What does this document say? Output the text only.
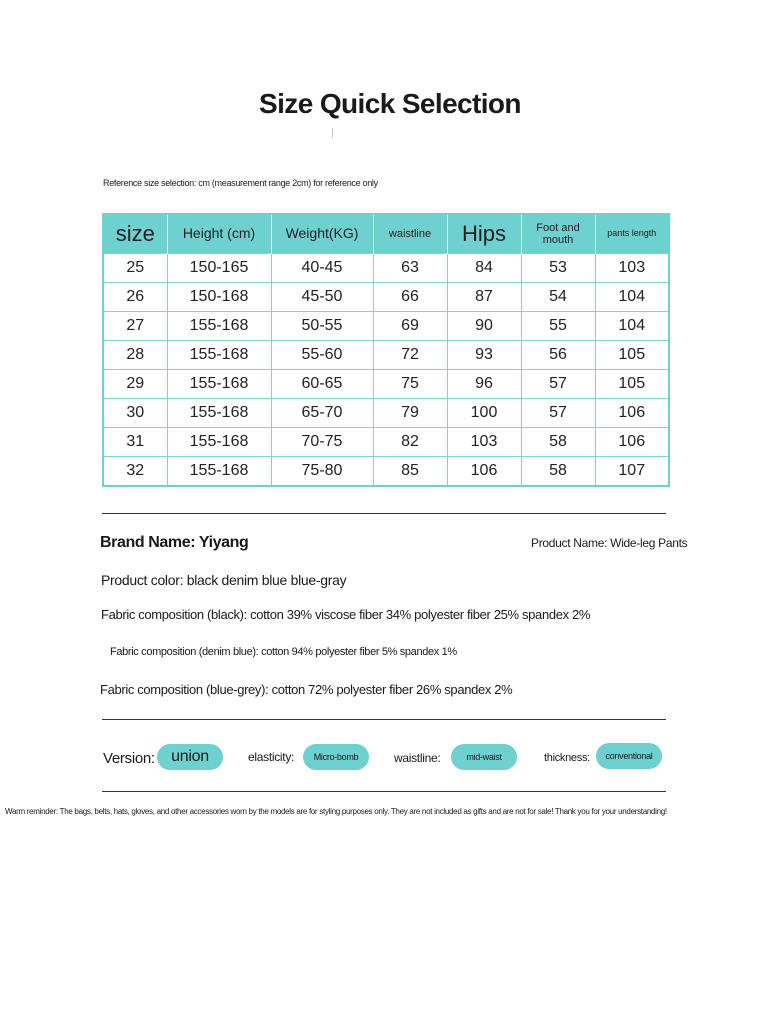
Size Quick Selection
Reference size selection: cm (measurement range 2cm) for reference only
size	Height (cm)	Weight(KG)	waistline	Hips	Foot and mouth	pants length
25	150-165	40-45	63	84	53	103
26	150-168	45-50	66	87	54	104
27	155-168	50-55	69	90	55	104
28	155-168	55-60	72	93	56	105
29	155-168	60-65	75	96	57	105
30	155-168	65-70	79	100	57	106
31	155-168	70-75	82	103	58	106
32	155-168	75-80	85	106	58	107
Brand Name: Yiyang	Product Name: Wide-leg Pants
Product color: black denim blue blue-gray
Fabric composition (black): cotton 39% viscose fiber 34% polyester fiber 25% spandex 2%
Fabric composition (denim blue): cotton 94% polyester fiber 5% spandex 1%
Fabric composition (blue-grey): cotton 72% polyester fiber 26% spandex 2%
Version: union	elasticity: Micro-bomb	waistline:	mid-waist	thickness: conventional
Warm reminder: The bags, belts, hats, gloves, and other accessories worn by the models are for styling purposes only. They are not included as gifts and are not for sale! Thank you for your understanding!
